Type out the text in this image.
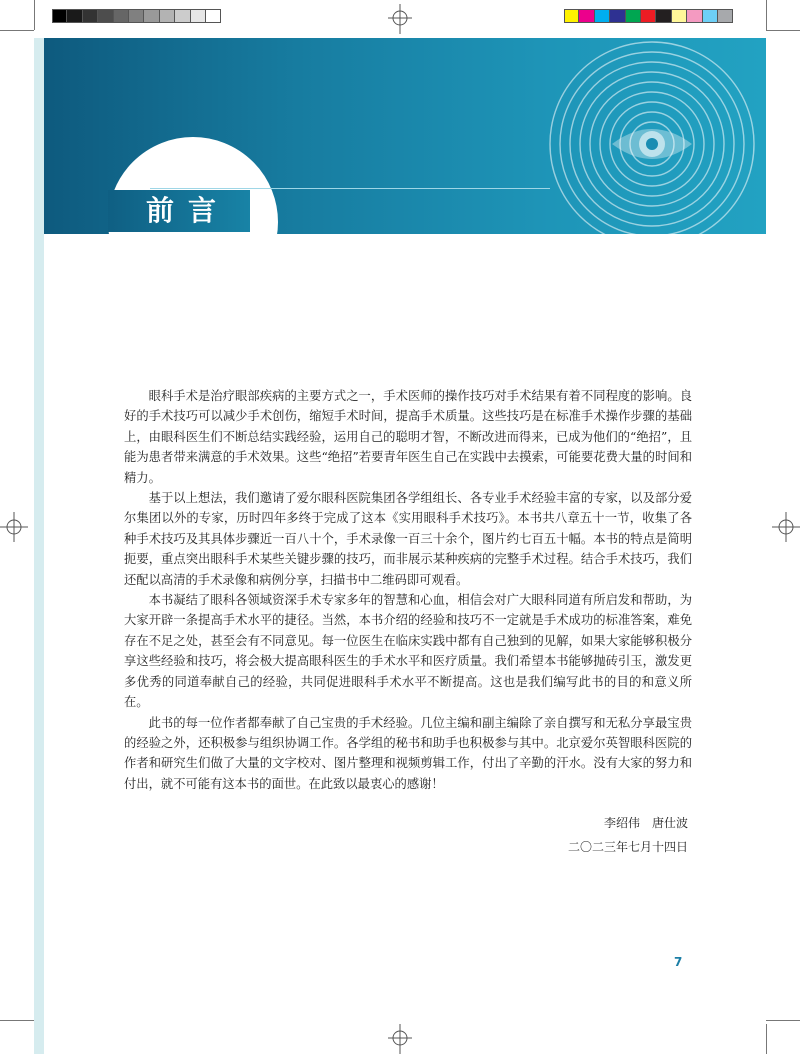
前言

眼科手术是治疗眼部疾病的主要方式之一，手术医师的操作技巧对手术结果有着不同程度的影响。良好的手术技巧可以减少手术创伤，缩短手术时间，提高手术质量。这些技巧是在标准手术操作步骤的基础上，由眼科医生们不断总结实践经验，运用自己的聪明才智，不断改进而得来，已成为他们的“绝招”，且能为患者带来满意的手术效果。这些“绝招”若要青年医生自己在实践中去摸索，可能要花费大量的时间和精力。

基于以上想法，我们邀请了爱尔眼科医院集团各学组组长、各专业手术经验丰富的专家，以及部分爱尔集团以外的专家，历时四年多终于完成了这本《实用眼科手术技巧》。本书共八章五十一节，收集了各种手术技巧及其具体步骤近一百八十个，手术录像一百三十余个，图片约七百五十幅。本书的特点是简明扼要，重点突出眼科手术某些关键步骤的技巧，而非展示某种疾病的完整手术过程。结合手术技巧，我们还配以高清的手术录像和病例分享，扫描书中二维码即可观看。

本书凝结了眼科各领域资深手术专家多年的智慧和心血，相信会对广大眼科同道有所启发和帮助，为大家开辟一条提高手术水平的捷径。当然，本书介绍的经验和技巧不一定就是手术成功的标准答案，难免存在不足之处，甚至会有不同意见。每一位医生在临床实践中都有自己独到的见解，如果大家能够积极分享这些经验和技巧，将会极大提高眼科医生的手术水平和医疗质量。我们希望本书能够抛砖引玉，激发更多优秀的同道奉献自己的经验，共同促进眼科手术水平不断提高。这也是我们编写此书的目的和意义所在。

此书的每一位作者都奉献了自己宝贵的手术经验。几位主编和副主编除了亲自撰写和无私分享最宝贵的经验之外，还积极参与组织协调工作。各学组的秘书和助手也积极参与其中。北京爱尔英智眼科医院的作者和研究生们做了大量的文字校对、图片整理和视频剪辑工作，付出了辛勤的汗水。没有大家的努力和付出，就不可能有这本书的面世。在此致以最衷心的感谢！

李绍伟　唐仕波
二〇二三年七月十四日
7
